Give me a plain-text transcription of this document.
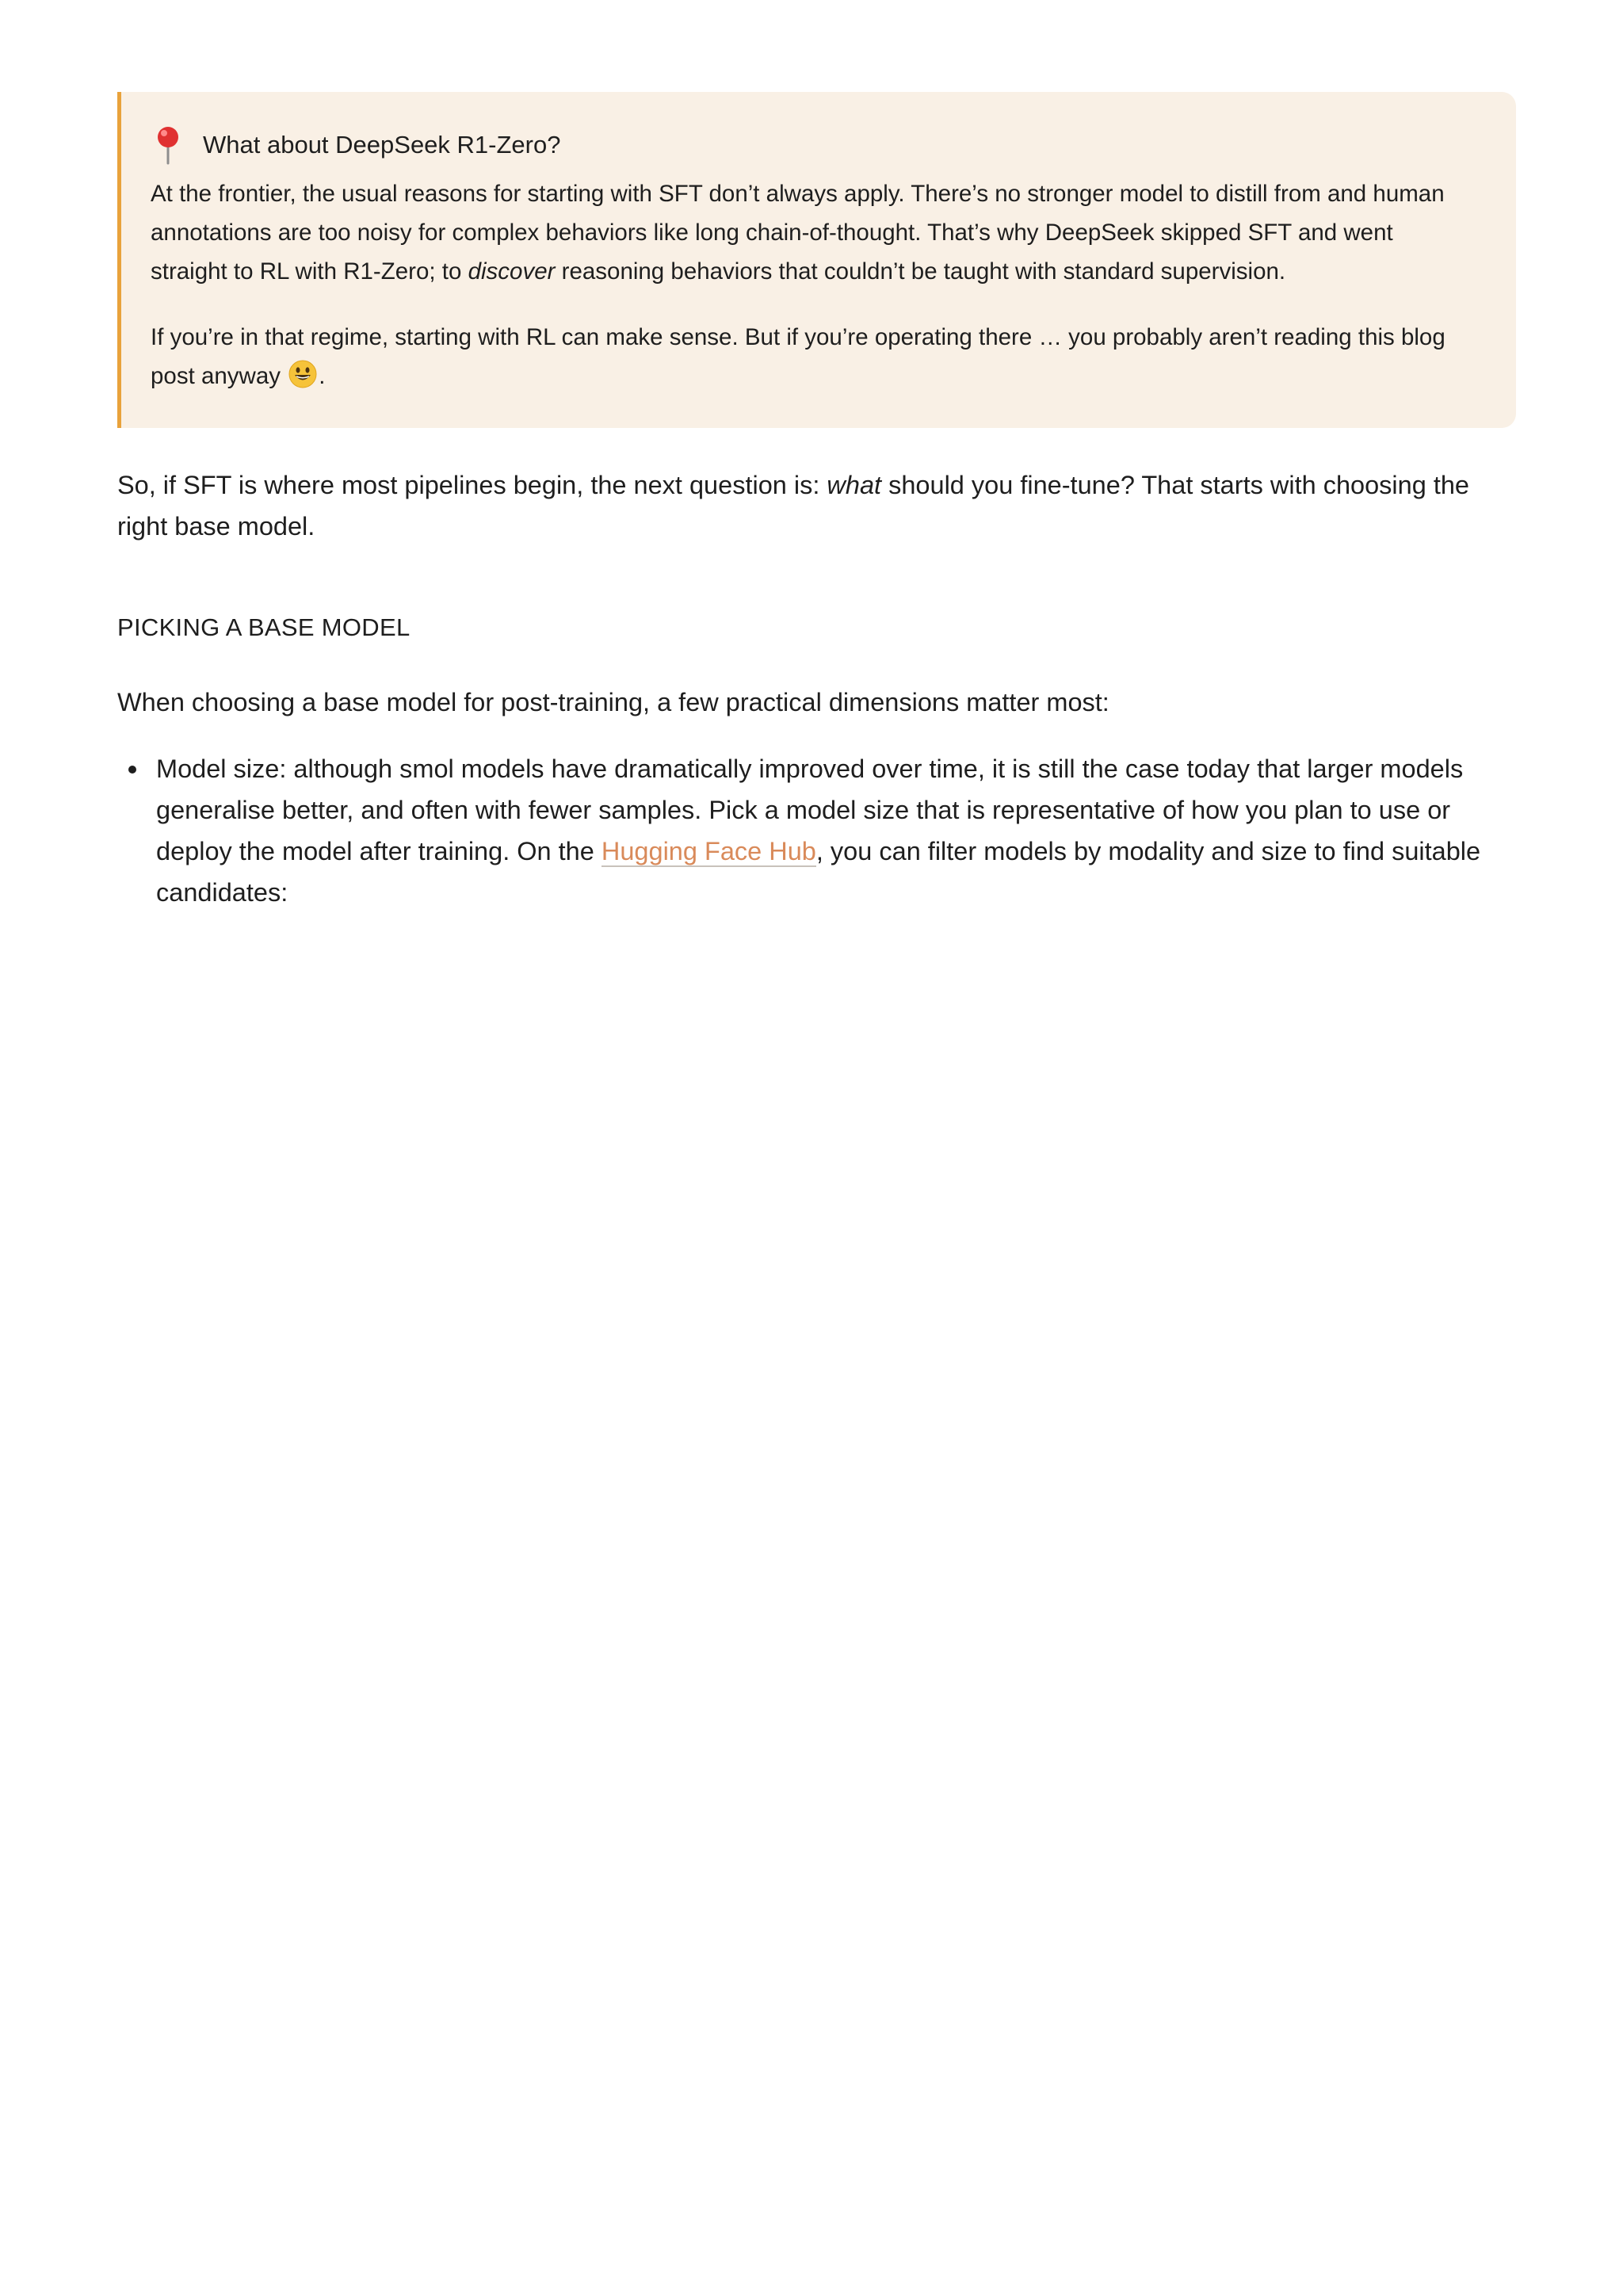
What about DeepSeek R1-Zero?

At the frontier, the usual reasons for starting with SFT don’t always apply. There’s no stronger model to distill from and human annotations are too noisy for complex behaviors like long chain-of-thought. That’s why DeepSeek skipped SFT and went straight to RL with R1-Zero; to discover reasoning behaviors that couldn’t be taught with standard supervision.

If you’re in that regime, starting with RL can make sense. But if you’re operating there … you probably aren’t reading this blog post anyway .

So, if SFT is where most pipelines begin, the next question is: what should you fine-tune? That starts with choosing the right base model.

PICKING A BASE MODEL

When choosing a base model for post-training, a few practical dimensions matter most:

Model size: although smol models have dramatically improved over time, it is still the case today that larger models generalise better, and often with fewer samples. Pick a model size that is representative of how you plan to use or deploy the model after training. On the Hugging Face Hub, you can filter models by modality and size to find suitable candidates:
